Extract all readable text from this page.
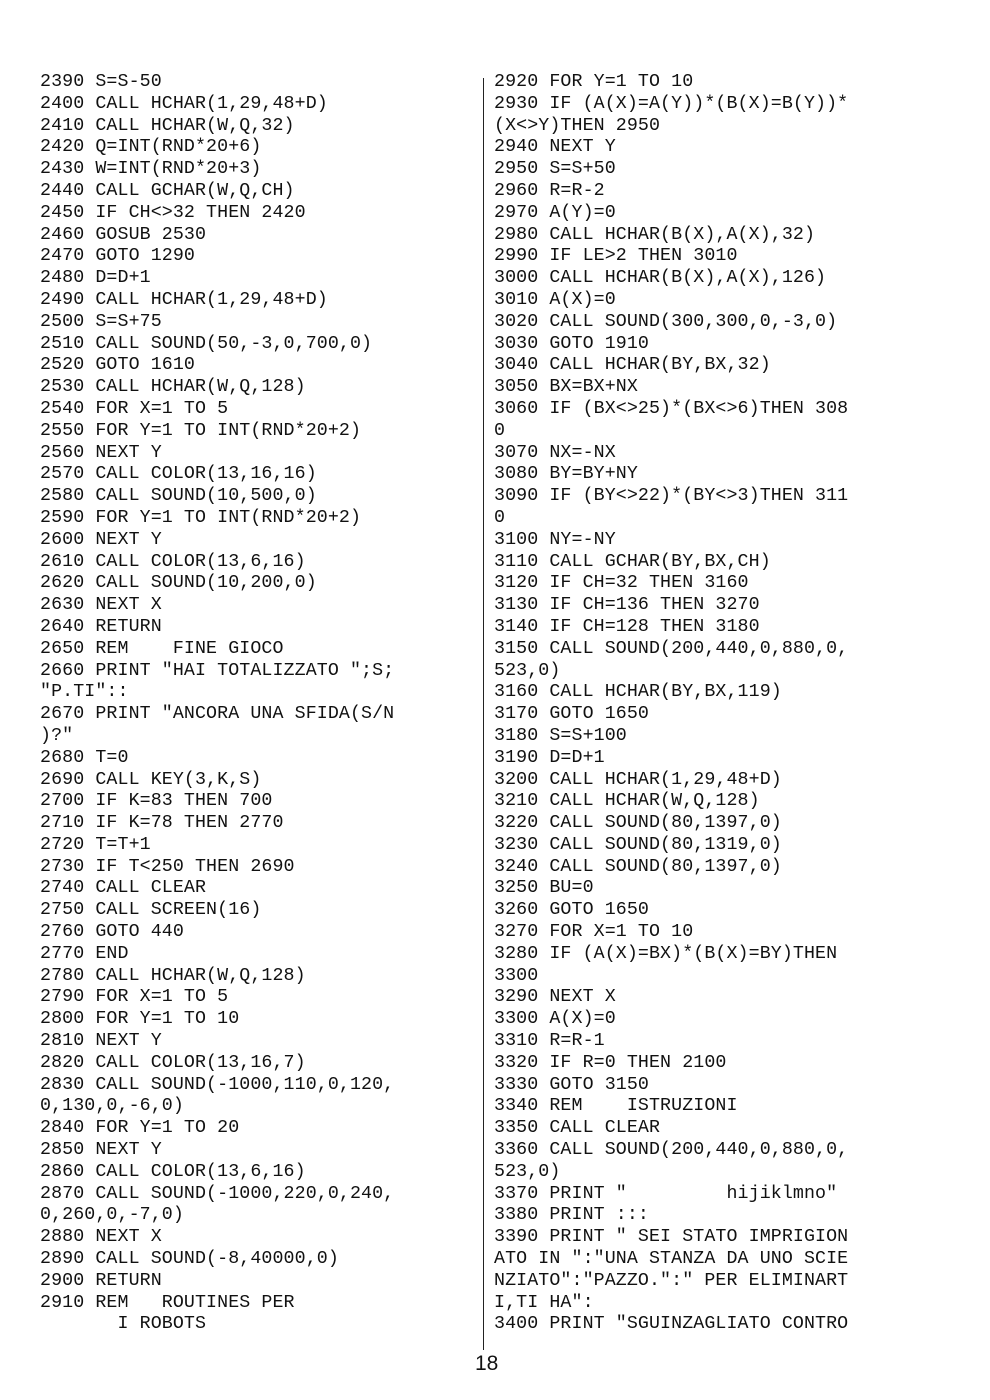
2390 S=S-50
2400 CALL HCHAR(1,29,48+D)
2410 CALL HCHAR(W,Q,32)
2420 Q=INT(RND*20+6)
2430 W=INT(RND*20+3)
2440 CALL GCHAR(W,Q,CH)
2450 IF CH<>32 THEN 2420
2460 GOSUB 2530
2470 GOTO 1290
2480 D=D+1
2490 CALL HCHAR(1,29,48+D)
2500 S=S+75
2510 CALL SOUND(50,-3,0,700,0)
2520 GOTO 1610
2530 CALL HCHAR(W,Q,128)
2540 FOR X=1 TO 5
2550 FOR Y=1 TO INT(RND*20+2)
2560 NEXT Y
2570 CALL COLOR(13,16,16)
2580 CALL SOUND(10,500,0)
2590 FOR Y=1 TO INT(RND*20+2)
2600 NEXT Y
2610 CALL COLOR(13,6,16)
2620 CALL SOUND(10,200,0)
2630 NEXT X
2640 RETURN
2650 REM    FINE GIOCO
2660 PRINT "HAI TOTALIZZATO ";S;
"P.TI"::
2670 PRINT "ANCORA UNA SFIDA(S/N
)?"
2680 T=0
2690 CALL KEY(3,K,S)
2700 IF K=83 THEN 700
2710 IF K=78 THEN 2770
2720 T=T+1
2730 IF T<250 THEN 2690
2740 CALL CLEAR
2750 CALL SCREEN(16)
2760 GOTO 440
2770 END
2780 CALL HCHAR(W,Q,128)
2790 FOR X=1 TO 5
2800 FOR Y=1 TO 10
2810 NEXT Y
2820 CALL COLOR(13,16,7)
2830 CALL SOUND(-1000,110,0,120,
0,130,0,-6,0)
2840 FOR Y=1 TO 20
2850 NEXT Y
2860 CALL COLOR(13,6,16)
2870 CALL SOUND(-1000,220,0,240,
0,260,0,-7,0)
2880 NEXT X
2890 CALL SOUND(-8,40000,0)
2900 RETURN
2910 REM   ROUTINES PER
I ROBOTS
2920 FOR Y=1 TO 10
2930 IF (A(X)=A(Y))*(B(X)=B(Y))*
(X<>Y)THEN 2950
2940 NEXT Y
2950 S=S+50
2960 R=R-2
2970 A(Y)=0
2980 CALL HCHAR(B(X),A(X),32)
2990 IF LE>2 THEN 3010
3000 CALL HCHAR(B(X),A(X),126)
3010 A(X)=0
3020 CALL SOUND(300,300,0,-3,0)
3030 GOTO 1910
3040 CALL HCHAR(BY,BX,32)
3050 BX=BX+NX
3060 IF (BX<>25)*(BX<>6)THEN 308
0
3070 NX=-NX
3080 BY=BY+NY
3090 IF (BY<>22)*(BY<>3)THEN 311
0
3100 NY=-NY
3110 CALL GCHAR(BY,BX,CH)
3120 IF CH=32 THEN 3160
3130 IF CH=136 THEN 3270
3140 IF CH=128 THEN 3180
3150 CALL SOUND(200,440,0,880,0,
523,0)
3160 CALL HCHAR(BY,BX,119)
3170 GOTO 1650
3180 S=S+100
3190 D=D+1
3200 CALL HCHAR(1,29,48+D)
3210 CALL HCHAR(W,Q,128)
3220 CALL SOUND(80,1397,0)
3230 CALL SOUND(80,1319,0)
3240 CALL SOUND(80,1397,0)
3250 BU=0
3260 GOTO 1650
3270 FOR X=1 TO 10
3280 IF (A(X)=BX)*(B(X)=BY)THEN
3300
3290 NEXT X
3300 A(X)=0
3310 R=R-1
3320 IF R=0 THEN 2100
3330 GOTO 3150
3340 REM    ISTRUZIONI
3350 CALL CLEAR
3360 CALL SOUND(200,440,0,880,0,
523,0)
3370 PRINT "         hijiklmno"
3380 PRINT :::
3390 PRINT " SEI STATO IMPRIGION
ATO IN ":"UNA STANZA DA UNO SCIE
NZIATO":"PAZZO.":" PER ELIMINART
I,TI HA":
3400 PRINT "SGUINZAGLIATO CONTRO
18
